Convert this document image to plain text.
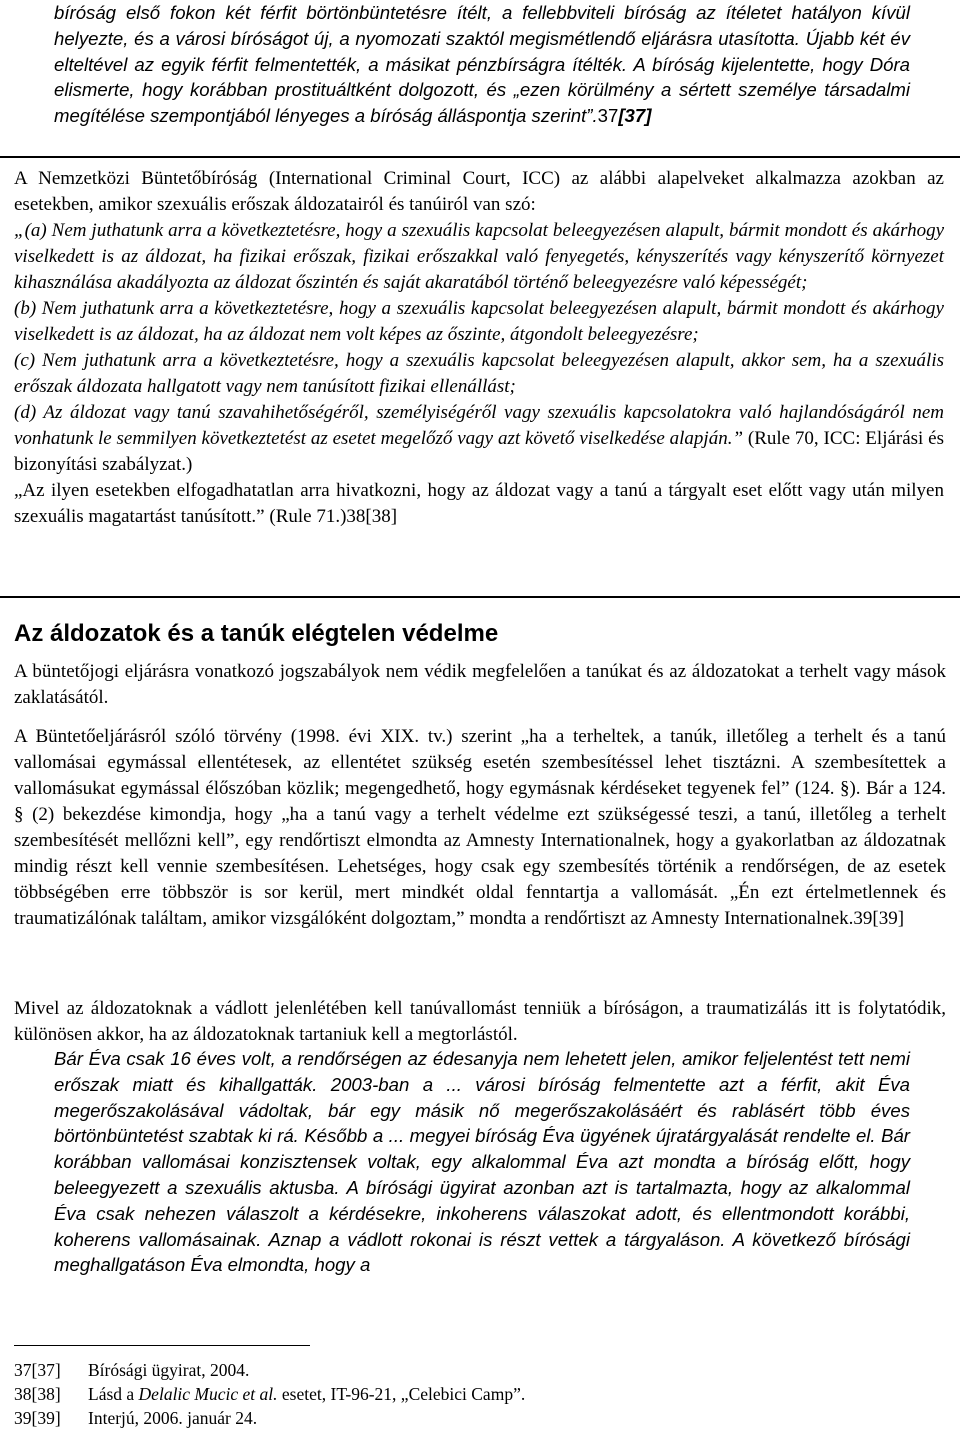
bíróság első fokon két férfit börtönbüntetésre ítélt, a fellebbviteli bíróság az ítéletet hatályon kívül helyezte, és a városi bíróságot új, a nyomozati szaktól megismétlendő eljárásra utasította. Újabb két év elteltével az egyik férfit felmentették, a másikat pénzbírságra ítélték. A bíróság kijelentette, hogy Dóra elismerte, hogy korábban prostituáltként dolgozott, és „ezen körülmény a sértett személye társadalmi megítélése szempontjából lényeges a bíróság álláspontja szerint”.37[37]

A Nemzetközi Büntetőbíróság (International Criminal Court, ICC) az alábbi alapelveket alkalmazza azokban az esetekben, amikor szexuális erőszak áldozatairól és tanúiról van szó:

„(a) Nem juthatunk arra a következtetésre, hogy a szexuális kapcsolat beleegyezésen alapult, bármit mondott és akárhogy viselkedett is az áldozat, ha fizikai erőszak, fizikai erőszakkal való fenyegetés, kényszerítés vagy kényszerítő környezet kihasználása akadályozta az áldozat őszintén és saját akaratából történő beleegyezésre való képességét;

(b) Nem juthatunk arra a következtetésre, hogy a szexuális kapcsolat beleegyezésen alapult, bármit mondott és akárhogy viselkedett is az áldozat, ha az áldozat nem volt képes az őszinte, átgondolt beleegyezésre;

(c) Nem juthatunk arra a következtetésre, hogy a szexuális kapcsolat beleegyezésen alapult, akkor sem, ha a szexuális erőszak áldozata hallgatott vagy nem tanúsított fizikai ellenállást;

(d) Az áldozat vagy tanú szavahihetőségéről, személyiségéről vagy szexuális kapcsolatokra való hajlandóságáról nem vonhatunk le semmilyen következtetést az esetet megelőző vagy azt követő viselkedése alapján.” (Rule 70, ICC: Eljárási és bizonyítási szabályzat.)

„Az ilyen esetekben elfogadhatatlan arra hivatkozni, hogy az áldozat vagy a tanú a tárgyalt eset előtt vagy után milyen szexuális magatartást tanúsított.” (Rule 71.)38[38]

Az áldozatok és a tanúk elégtelen védelme

A büntetőjogi eljárásra vonatkozó jogszabályok nem védik megfelelően a tanúkat és az áldozatokat a terhelt vagy mások zaklatásától.

A Büntetőeljárásról szóló törvény (1998. évi XIX. tv.) szerint „ha a terheltek, a tanúk, illetőleg a terhelt és a tanú vallomásai egymással ellentétesek, az ellentétet szükség esetén szembesítéssel lehet tisztázni. A szembesítettek a vallomásukat egymással élőszóban közlik; megengedhető, hogy egymásnak kérdéseket tegyenek fel” (124. §). Bár a 124. § (2) bekezdése kimondja, hogy „ha a tanú vagy a terhelt védelme ezt szükségessé teszi, a tanú, illetőleg a terhelt szembesítését mellőzni kell”, egy rendőrtiszt elmondta az Amnesty Internationalnek, hogy a gyakorlatban az áldozatnak mindig részt kell vennie szembesítésen. Lehetséges, hogy csak egy szembesítés történik a rendőrségen, de az esetek többségében erre többször is sor kerül, mert mindkét oldal fenntartja a vallomását. „Én ezt értelmetlennek és traumatizálónak találtam, amikor vizsgálóként dolgoztam,” mondta a rendőrtiszt az Amnesty Internationalnek.39[39]

Mivel az áldozatoknak a vádlott jelenlétében kell tanúvallomást tenniük a bíróságon, a traumatizálás itt is folytatódik, különösen akkor, ha az áldozatoknak tartaniuk kell a megtorlástól.

Bár Éva csak 16 éves volt, a rendőrségen az édesanyja nem lehetett jelen, amikor feljelentést tett nemi erőszak miatt és kihallgatták. 2003-ban a ... városi bíróság felmentette azt a férfit, akit Éva megerőszakolásával vádoltak, bár egy másik nő megerőszakolásáért és rablásért több éves börtönbüntetést szabtak ki rá. Később a ... megyei bíróság Éva ügyének újratárgyalását rendelte el. Bár korábban vallomásai konzisztensek voltak, egy alkalommal Éva azt mondta a bíróság előtt, hogy beleegyezett a szexuális aktusba. A bírósági ügyirat azonban azt is tartalmazta, hogy az alkalommal Éva csak nehezen válaszolt a kérdésekre, inkoherens válaszokat adott, és ellentmondott korábbi, koherens vallomásainak. Aznap a vádlott rokonai is részt vettek a tárgyaláson. A következő bírósági meghallgatáson Éva elmondta, hogy a

37[37] Bírósági ügyirat, 2004.
38[38] Lásd a Delalic Mucic et al. esetet, IT-96-21, „Celebici Camp”.
39[39] Interjú, 2006. január 24.
